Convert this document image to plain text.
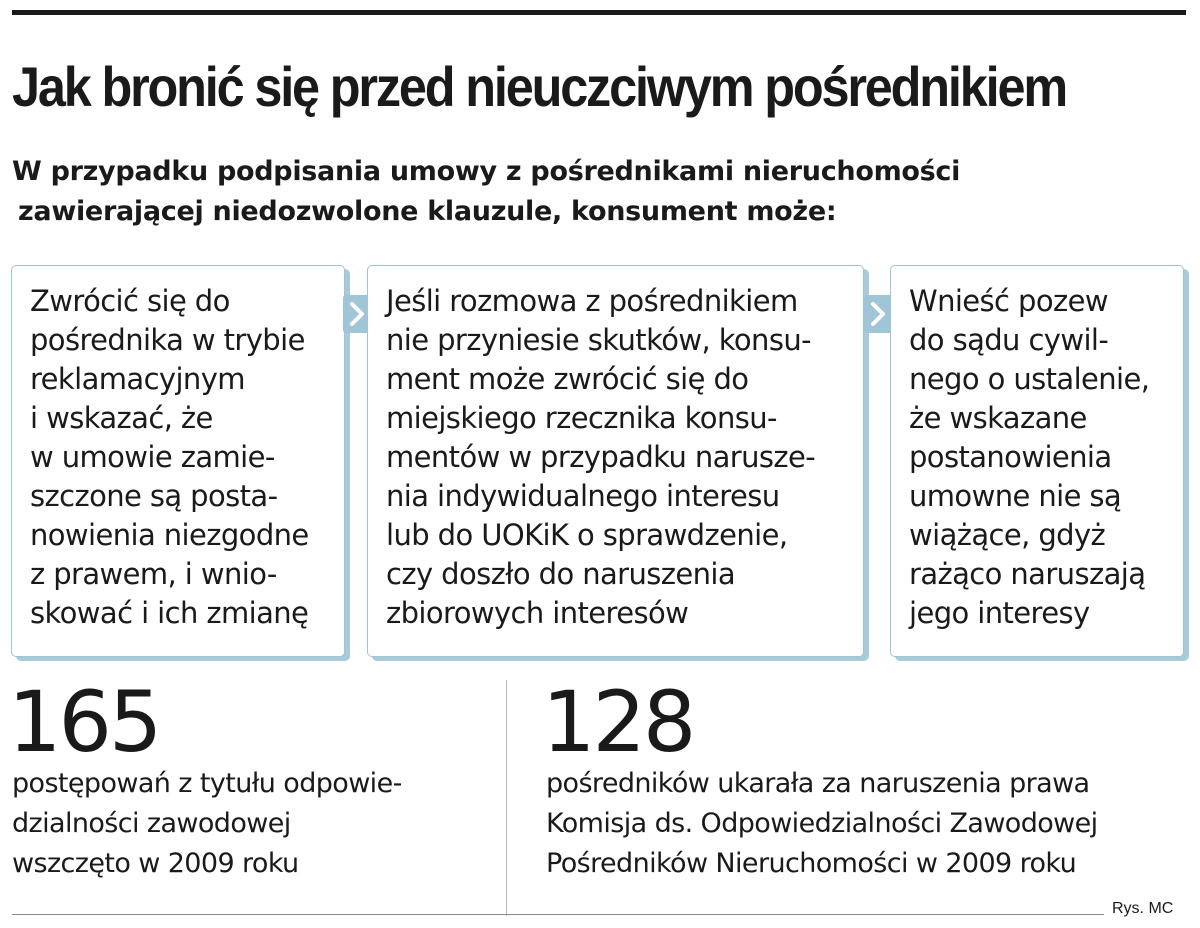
Jak bronić się przed nieuczciwym pośrednikiem
W przypadku podpisania umowy z pośrednikami nieruchomości
zawierającej niedozwolone klauzule, konsument może:
Zwrócić się do
pośrednika w trybie
reklamacyjnym
i wskazać, że
w umowie zamie-
szczone są posta-
nowienia niezgodne
z prawem, i wnio-
skować i ich zmianę
Jeśli rozmowa z pośrednikiem
nie przyniesie skutków, konsu-
ment może zwrócić się do
miejskiego rzecznika konsu-
mentów w przypadku narusze-
nia indywidualnego interesu
lub do UOKiK o sprawdzenie,
czy doszło do naruszenia
zbiorowych interesów
Wnieść pozew
do sądu cywil-
nego o ustalenie,
że wskazane
postanowienia
umowne nie są
wiążące, gdyż
rażąco naruszają
jego interesy
165
postępowań z tytułu odpowie-
dzialności zawodowej
wszczęto w 2009 roku
128
pośredników ukarała za naruszenia prawa
Komisja ds. Odpowiedzialności Zawodowej
Pośredników Nieruchomości w 2009 roku
Rys. MC
